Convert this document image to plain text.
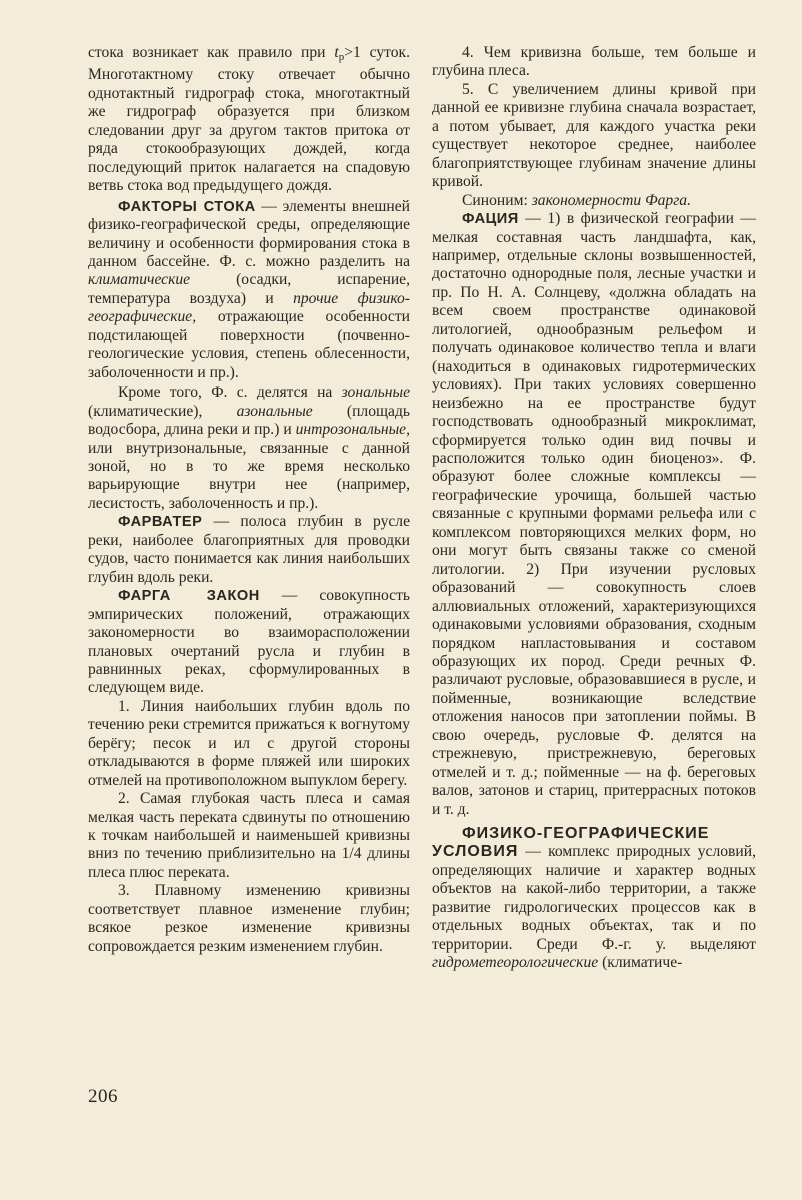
стока возникает как правило при $t_p>1$ суток. Многотактному стоку отвечает обычно однотактный гидрограф стока, многотактный же гидрограф образуется при близком следовании друг за другом тактов притока от ряда стокообразующих дождей, когда последующий приток налагается на спадовую ветвь стока вод предыдущего дождя.

ФАКТОРЫ СТОКА — элементы внешней физико-географической среды, определяющие величину и особенности формирования стока в данном бассейне. Ф. с. можно разделить на климатические (осадки, испарение, температура воздуха) и прочие физико-географические, отражающие особенности подстилающей поверхности (почвенно-геологические условия, степень облесенности, заболоченности и пр.).

Кроме того, Ф. с. делятся на зональные (климатические), азональные (площадь водосбора, длина реки и пр.) и интрозональные, или внутризональные, связанные с данной зоной, но в то же время несколько варьирующие внутри нее (например, лесистость, заболоченность и пр.).

ФАРВАТЕР — полоса глубин в русле реки, наиболее благоприятных для проводки судов, часто понимается как линия наибольших глубин вдоль реки.

ФАРГА ЗАКОН — совокупность эмпирических положений, отражающих закономерности во взаиморасположении плановых очертаний русла и глубин в равнинных реках, сформулированных в следующем виде.

1. Линия наибольших глубин вдоль по течению реки стремится прижаться к вогнутому берёгу; песок и ил с другой стороны откладываются в форме пляжей или широких отмелей на противоположном выпуклом берегу.

2. Самая глубокая часть плеса и самая мелкая часть переката сдвинуты по отношению к точкам наибольшей и наименьшей кривизны вниз по течению приблизительно на 1/4 длины плеса плюс переката.

3. Плавному изменению кривизны соответствует плавное изменение глубин; всякое резкое изменение кривизны сопровождается резким изменением глубин.

4. Чем кривизна больше, тем больше и глубина плеса.

5. С увеличением длины кривой при данной ее кривизне глубина сначала возрастает, а потом убывает, для каждого участка реки существует некоторое среднее, наиболее благоприятствующее глубинам значение длины кривой.

Синоним: закономерности Фарга.

ФАЦИЯ — 1) в физической географии — мелкая составная часть ландшафта, как, например, отдельные склоны возвышенностей, достаточно однородные поля, лесные участки и пр. По Н. А. Солнцеву, «должна обладать на всем своем пространстве одинаковой литологией, однообразным рельефом и получать одинаковое количество тепла и влаги (находиться в одинаковых гидротермических условиях). При таких условиях совершенно неизбежно на ее пространстве будут господствовать однообразный микроклимат, сформируется только один вид почвы и расположится только один биоценоз». Ф. образуют более сложные комплексы — географические урочища, большей частью связанные с крупными формами рельефа или с комплексом повторяющихся мелких форм, но они могут быть связаны также со сменой литологии. 2) При изучении русловых образований — совокупность слоев аллювиальных отложений, характеризующихся одинаковыми условиями образования, сходным порядком напластовывания и составом образующих их пород. Среди речных Ф. различают русловые, образовавшиеся в русле, и пойменные, возникающие вследствие отложения наносов при затоплении поймы. В свою очередь, русловые Ф. делятся на стрежневую, пристрежневую, береговых отмелей и т. д.; пойменные — на ф. береговых валов, затонов и стариц, притеррасных потоков и т. д.

ФИЗИКО-ГЕОГРАФИЧЕСКИЕ УСЛОВИЯ — комплекс природных условий, определяющих наличие и характер водных объектов на какой-либо территории, а также развитие гидрологических процессов как в отдельных водных объектах, так и по территории. Среди Ф.-г. у. выделяют гидрометеорологические (климатиче-

206
